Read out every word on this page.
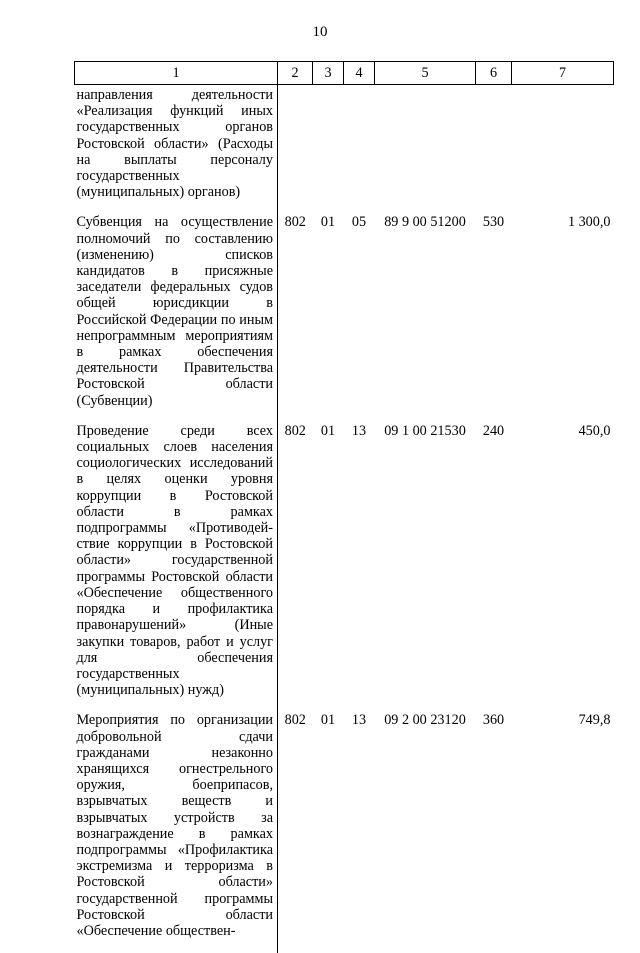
10
1	2	3	4	5	6	7
направления деятельности «Реализация функций иных государственных органов Ростовской области» (Расходы на выплаты персоналу государственных (муниципальных) органов)						
Субвенция на осуществление полномочий по составлению (изменению) списков кандидатов в присяжные заседатели федеральных судов общей юрисдикции в Российской Федерации по иным непрограммным мероприятиям в рамках обеспечения деятельности Правительства Ростовской области (Субвенции)	802	01	05	89 9 00 51200	530	1 300,0
Проведение среди всех социальных слоев населения социологических исследований в целях оценки уровня коррупции в Ростовской области в рамках подпрограммы «Противодей-ствие коррупции в Ростовской области» государственной программы Ростовской области «Обеспечение общественного порядка и профилактика правонарушений» (Иные закупки товаров, работ и услуг для обеспечения государственных (муниципальных) нужд)	802	01	13	09 1 00 21530	240	450,0
Мероприятия по организации добровольной сдачи гражданами незаконно хранящихся огнестрельного оружия, боеприпасов, взрывчатых веществ и взрывчатых устройств за вознаграждение в рамках подпрограммы «Профилактика экстремизма и терроризма в Ростовской области» государственной программы Ростовской области «Обеспечение обществен-	802	01	13	09 2 00 23120	360	749,8
